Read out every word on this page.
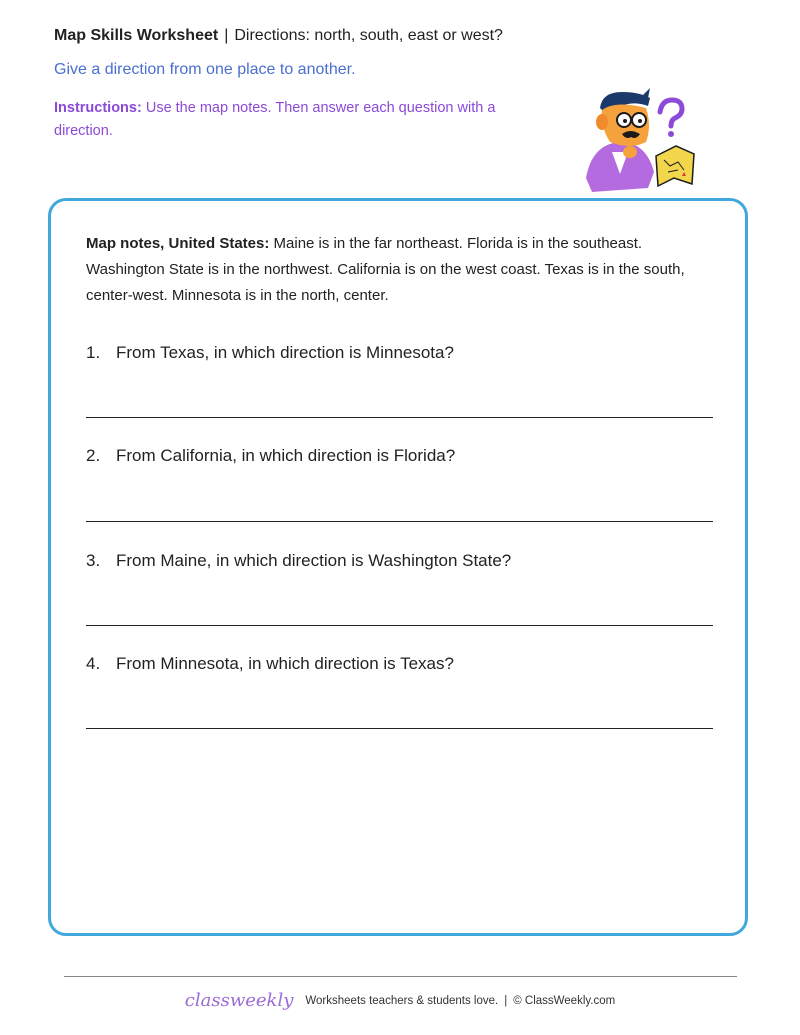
Map Skills Worksheet | Directions: north, south, east or west?
Give a direction from one place to another.
Instructions: Use the map notes. Then answer each question with a direction.
Map notes, United States: Maine is in the far northeast. Florida is in the southeast. Washington State is in the northwest. California is on the west coast. Texas is in the south, center-west. Minnesota is in the north, center.
1. From Texas, in which direction is Minnesota?
2. From California, in which direction is Florida?
3. From Maine, in which direction is Washington State?
4. From Minnesota, in which direction is Texas?
classweekly Worksheets teachers & students love. | © ClassWeekly.com
